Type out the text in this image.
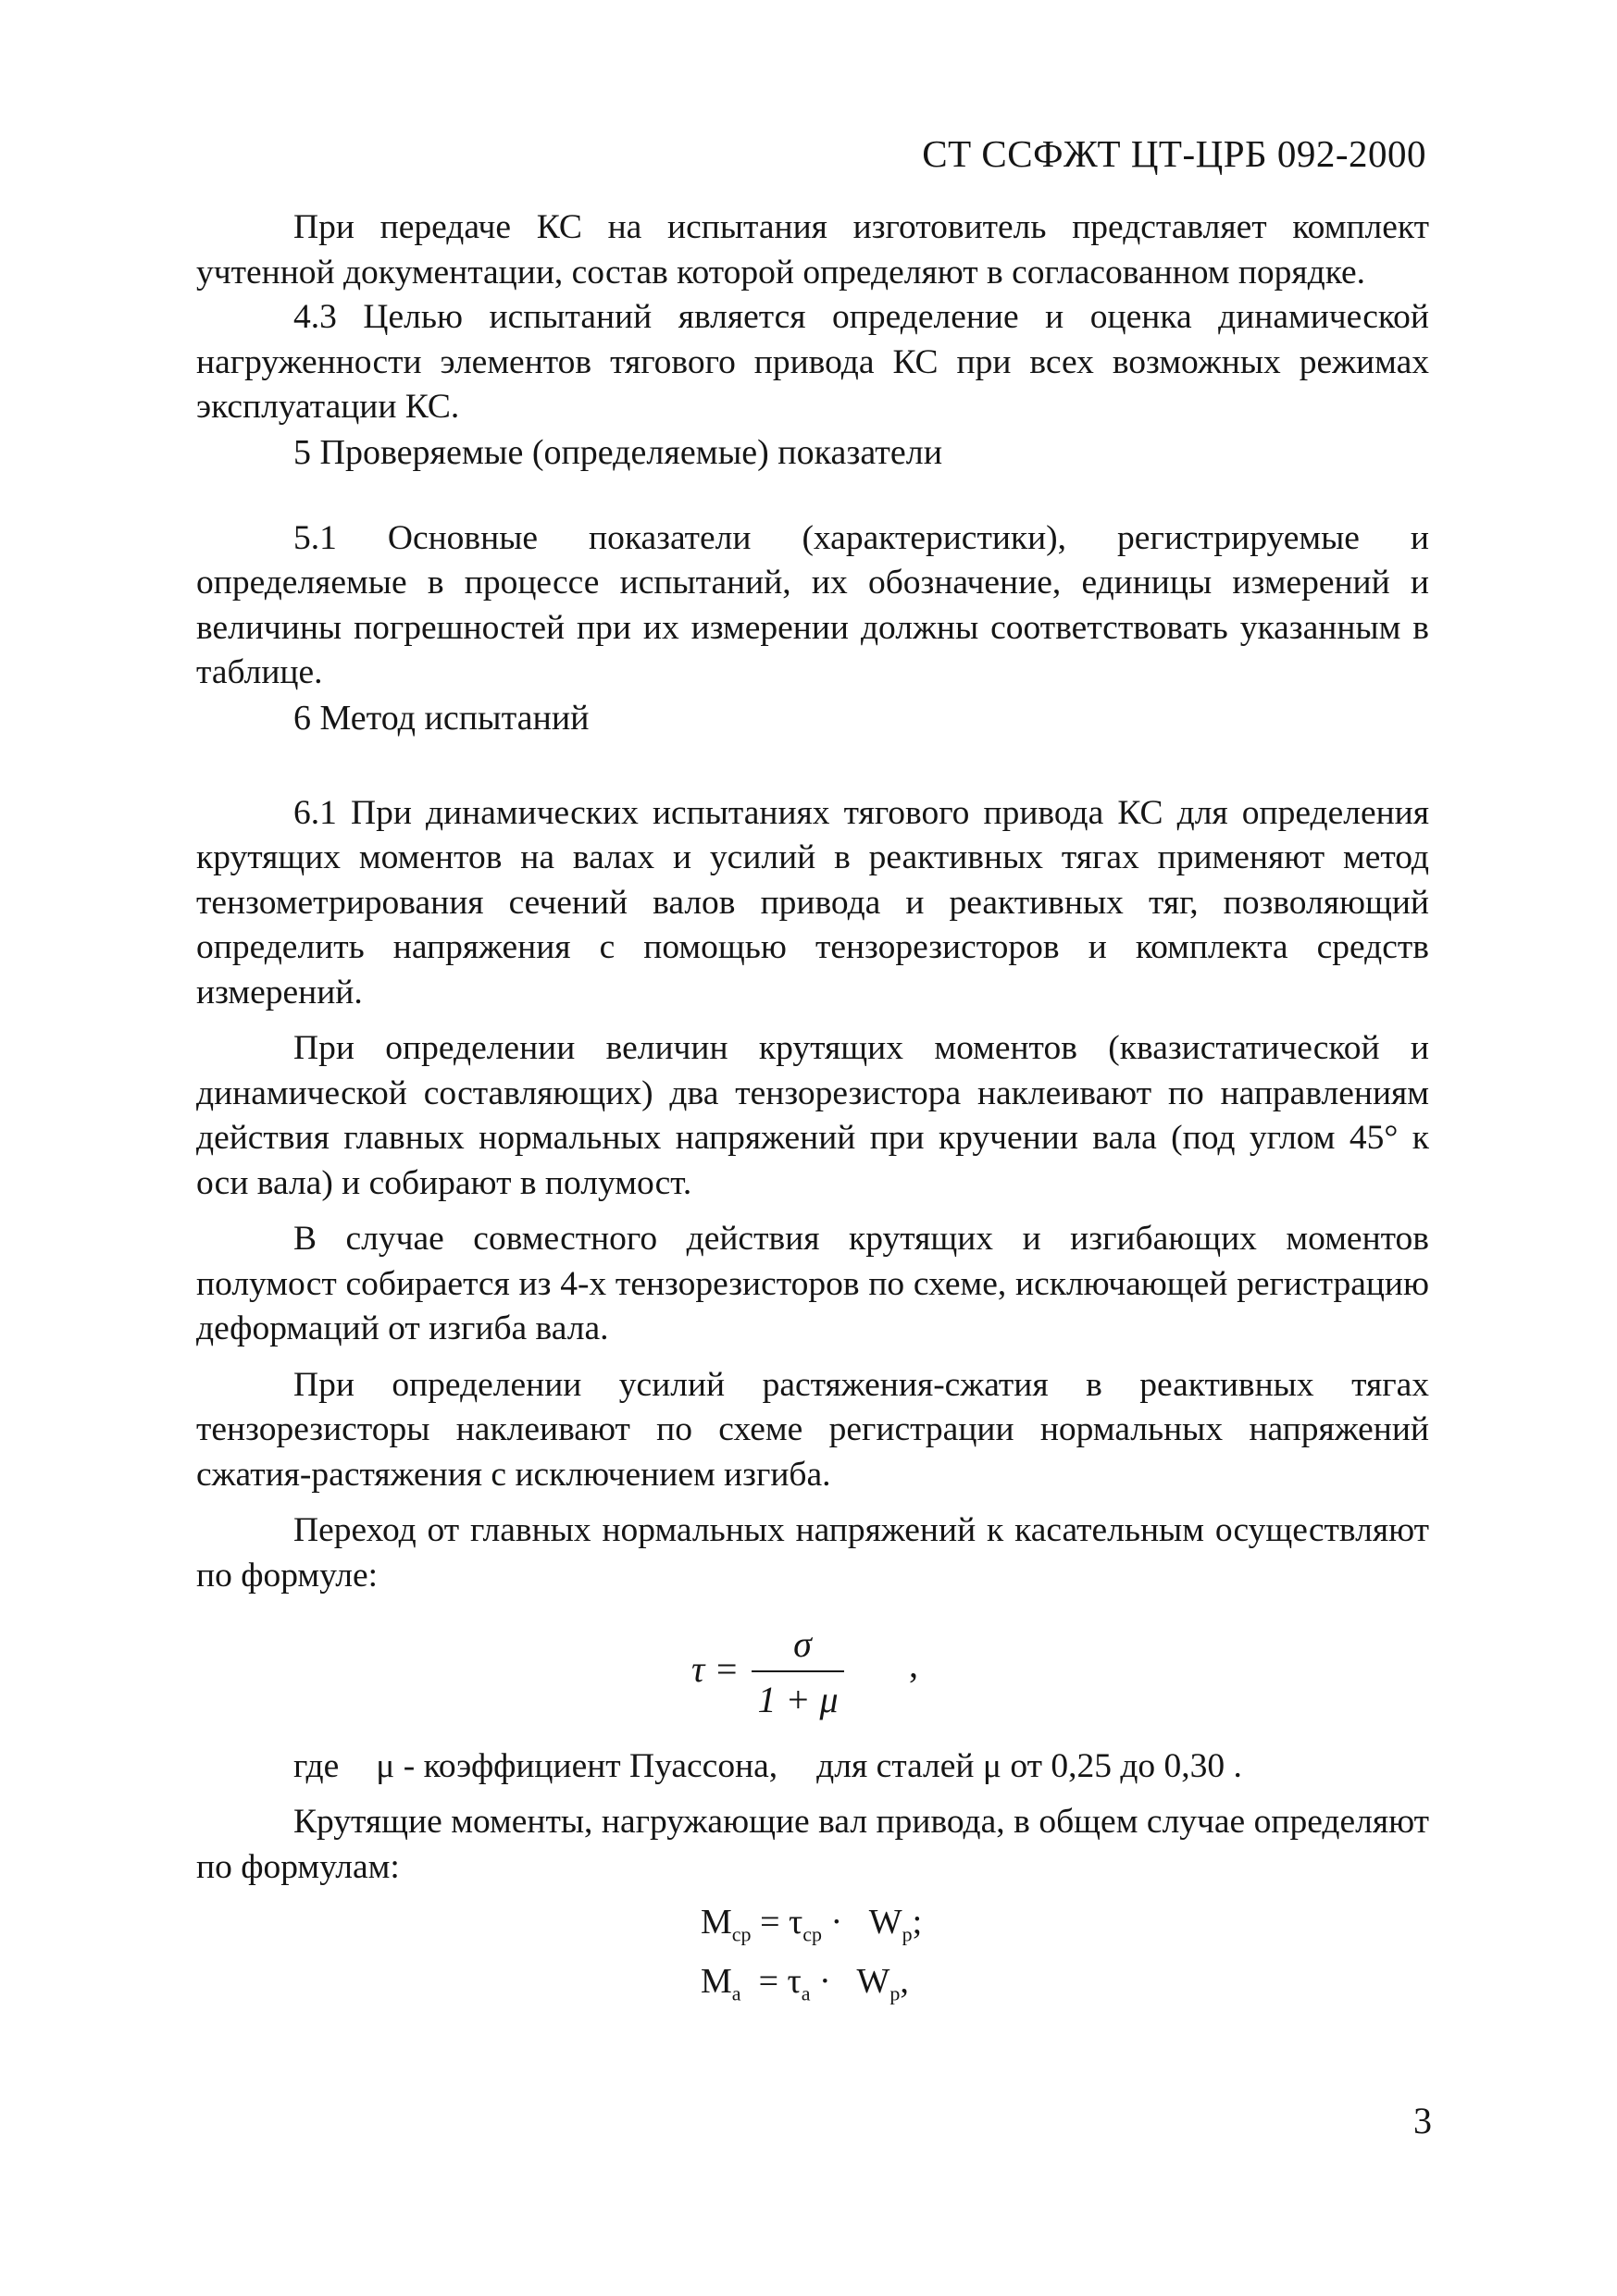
СТ ССФЖТ ЦТ-ЦРБ 092-2000

При передаче КС на испытания изготовитель представляет комплект учтенной документации, состав которой определяют в согласованном порядке.

4.3 Целью испытаний является определение и оценка динамической нагруженности элементов тягового привода КС при всех возможных режимах эксплуатации КС.

5 Проверяемые (определяемые) показатели

5.1 Основные показатели (характеристики), регистрируемые и определяемые в процессе испытаний, их обозначение, единицы измерений и величины погрешностей при их измерении должны соответствовать указанным в таблице.

6 Метод испытаний

6.1 При динамических испытаниях тягового привода КС для определения крутящих моментов на валах и усилий в реактивных тягах применяют метод тензометрирования сечений валов привода и реактивных тяг, позволяющий определить напряжения с помощью тензорезисторов и комплекта средств измерений.

При определении величин крутящих моментов (квазистатической и динамической составляющих) два тензорезистора наклеивают по направлениям действия главных нормальных напряжений при кручении вала (под углом 45° к оси вала) и собирают в полумост.

В случае совместного действия крутящих и изгибающих моментов полумост собирается из 4-х тензорезисторов по схеме, исключающей регистрацию деформаций от изгиба вала.

При определении усилий растяжения-сжатия в реактивных тягах тензорезисторы наклеивают по схеме регистрации нормальных напряжений сжатия-растяжения с исключением изгиба.

Переход от главных нормальных напряжений к касательным осуществляют по формуле:

τ =
σ
1 + μ
,
где μ - коэффициент Пуассона, для сталей μ от 0,25 до 0,30 .

Крутящие моменты, нагружающие вал привода, в общем случае определяют по формулам:

$M_{ср} = \tau_{ср} \cdot W_p$;
$M_a = \tau_a \cdot W_p$,
3
